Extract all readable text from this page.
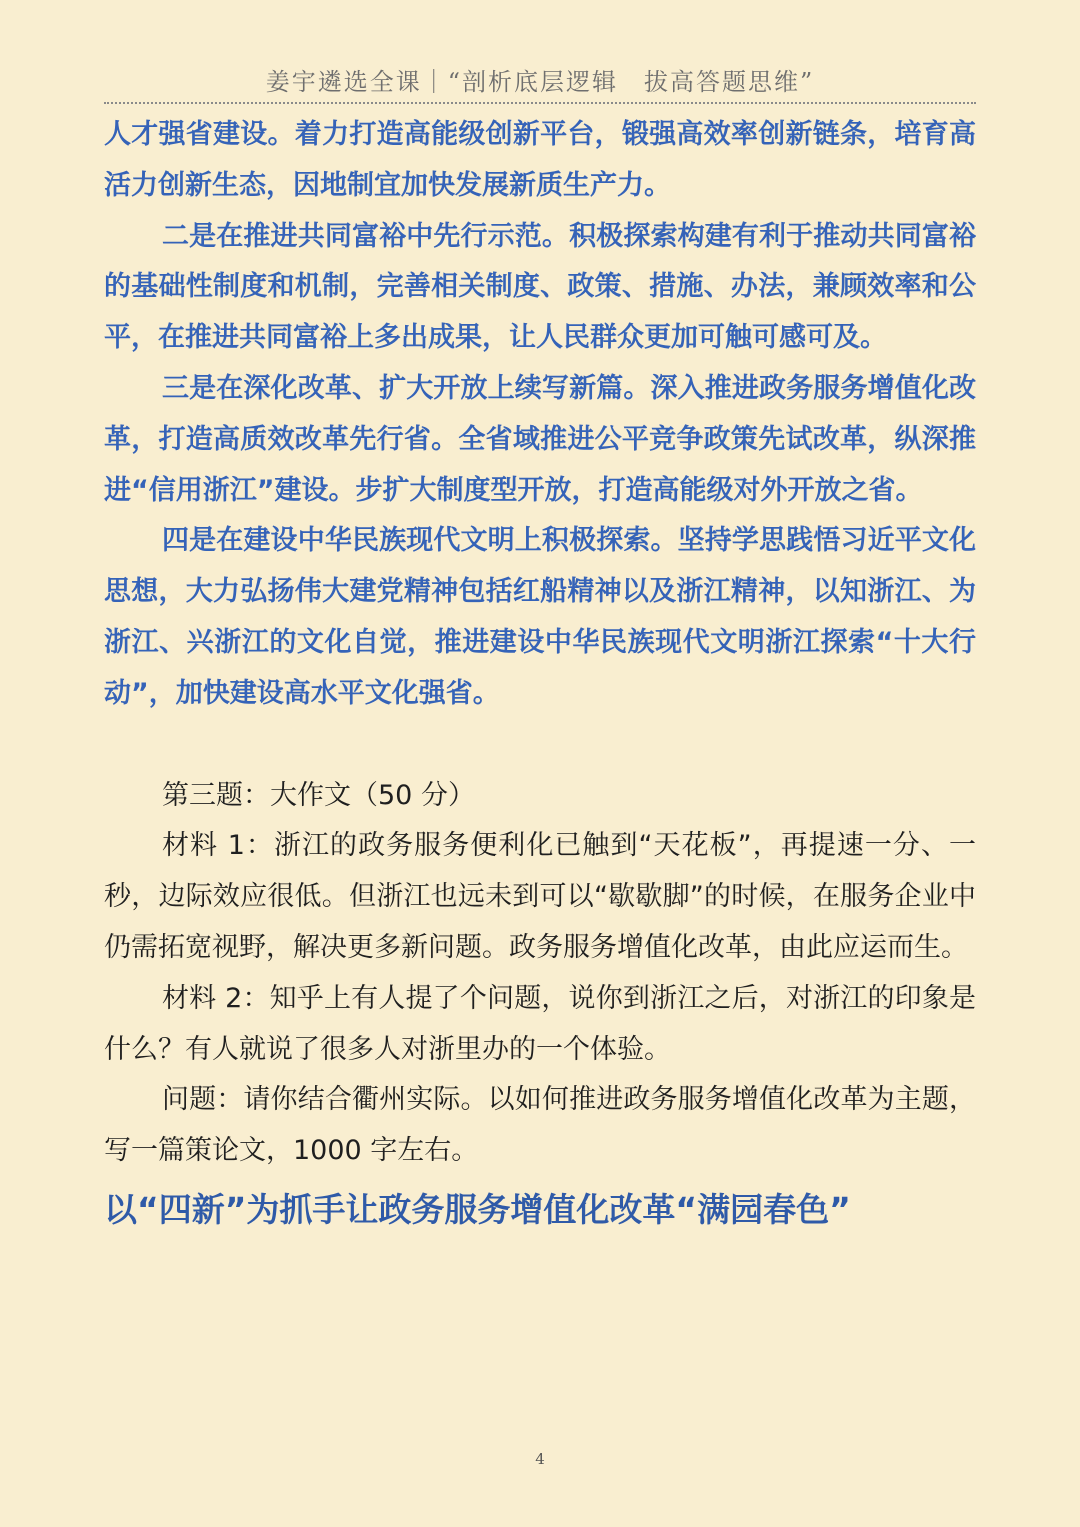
姜宇遴选全课｜“剖析底层逻辑　拔高答题思维”

人才强省建设。着力打造高能级创新平台，锻强高效率创新链条，培育高活力创新生态，因地制宜加快发展新质生产力。

二是在推进共同富裕中先行示范。积极探索构建有利于推动共同富裕的基础性制度和机制，完善相关制度、政策、措施、办法，兼顾效率和公平，在推进共同富裕上多出成果，让人民群众更加可触可感可及。

三是在深化改革、扩大开放上续写新篇。深入推进政务服务增值化改革，打造高质效改革先行省。全省域推进公平竞争政策先试改革，纵深推进“信用浙江”建设。步扩大制度型开放，打造高能级对外开放之省。

四是在建设中华民族现代文明上积极探索。坚持学思践悟习近平文化思想，大力弘扬伟大建党精神包括红船精神以及浙江精神，以知浙江、为浙江、兴浙江的文化自觉，推进建设中华民族现代文明浙江探索“十大行动”，加快建设高水平文化强省。

第三题：大作文（50 分）

材料 1：浙江的政务服务便利化已触到“天花板”，再提速一分、一秒，边际效应很低。但浙江也远未到可以“歇歇脚”的时候，在服务企业中仍需拓宽视野，解决更多新问题。政务服务增值化改革，由此应运而生。

材料 2：知乎上有人提了个问题，说你到浙江之后，对浙江的印象是什么？有人就说了很多人对浙里办的一个体验。

问题：请你结合衢州实际。以如何推进政务服务增值化改革为主题，写一篇策论文，1000 字左右。

以“四新”为抓手让政务服务增值化改革“满园春色”

4
